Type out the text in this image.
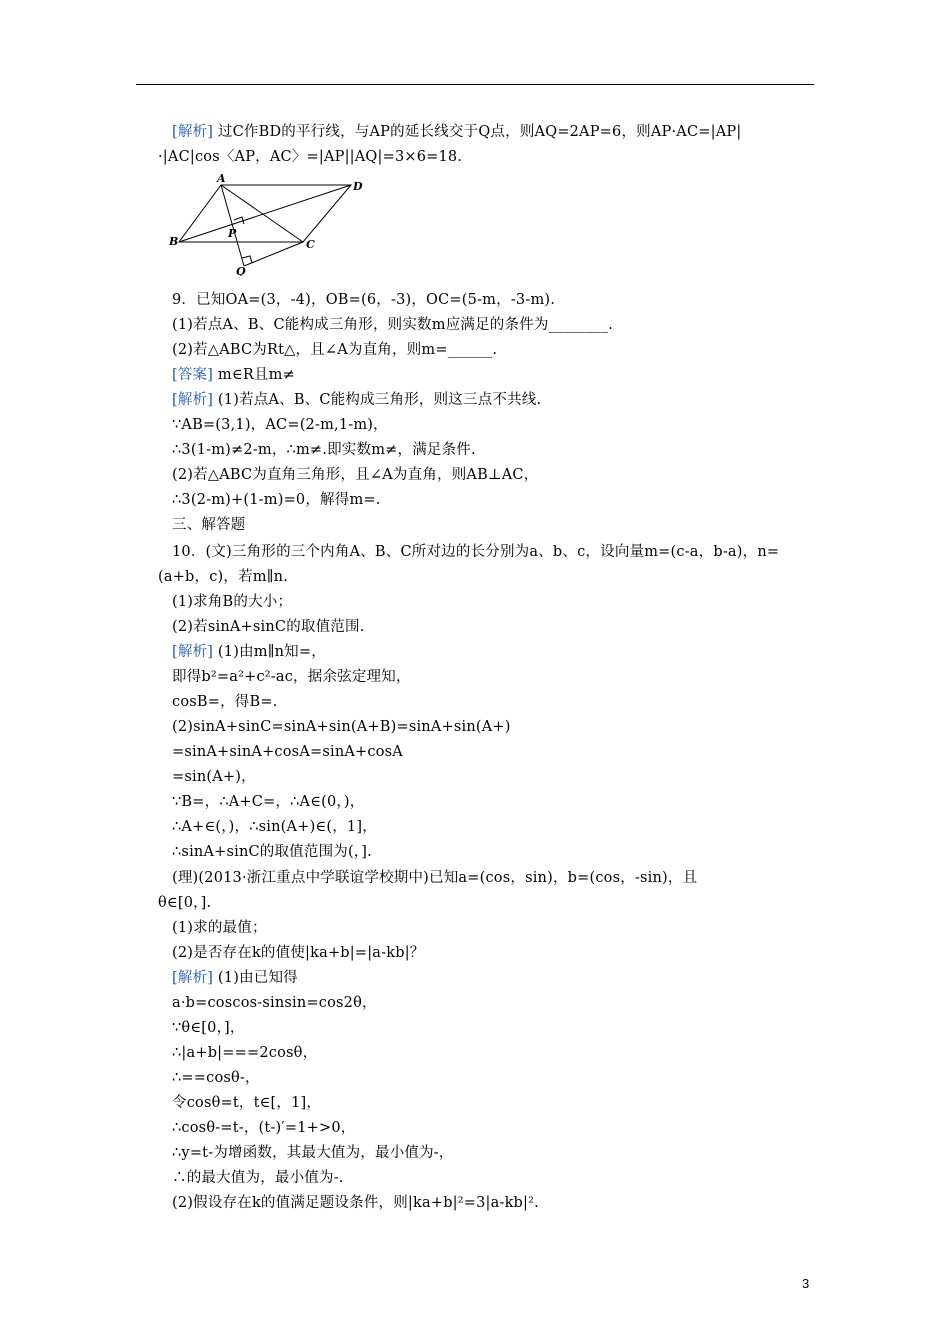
[解析] 过C作BD的平行线，与AP的延长线交于Q点，则AQ=2AP=6，则AP·AC=|AP|
·|AC|cos〈AP，AC〉=|AP||AQ|=3×6=18.
A
D
B
P
C
Q
9．已知OA=(3，-4)，OB=(6，-3)，OC=(5-m，-3-m).
(1)若点A、B、C能构成三角形，则实数m应满足的条件为________.
(2)若△ABC为Rt△，且∠A为直角，则m=______.
[答案] m∈R且m≠
[解析] (1)若点A、B、C能构成三角形，则这三点不共线.
∵AB=(3,1)，AC=(2-m,1-m)，
∴3(1-m)≠2-m，∴m≠.即实数m≠，满足条件.
(2)若△ABC为直角三角形，且∠A为直角，则AB⊥AC，
∴3(2-m)+(1-m)=0，解得m=.
三、解答题
10．(文)三角形的三个内角A、B、C所对边的长分别为a、b、c，设向量m=(c-a，b-a)，n=
(a+b，c)，若m∥n.
(1)求角B的大小；
(2)若sinA+sinC的取值范围.
[解析] (1)由m∥n知=，
即得b²=a²+c²-ac，据余弦定理知，
cosB=，得B=.
(2)sinA+sinC=sinA+sin(A+B)=sinA+sin(A+)
=sinA+sinA+cosA=sinA+cosA
=sin(A+)，
∵B=，∴A+C=，∴A∈(0，)，
∴A+∈(，)，∴sin(A+)∈(，1]，
∴sinA+sinC的取值范围为(，].
(理)(2013·浙江重点中学联谊学校期中)已知a=(cos，sin)，b=(cos，-sin)，且
θ∈[0，].
(1)求的最值；
(2)是否存在k的值使|ka+b|=|a-kb|？
[解析] (1)由已知得
a·b=coscos-sinsin=cos2θ，
∵θ∈[0，]，
∴|a+b|===2cosθ，
∴==cosθ-，
令cosθ=t，t∈[，1]，
∴cosθ-=t-，(t-)′=1+>0，
∴y=t-为增函数，其最大值为，最小值为-，
∴的最大值为，最小值为-.
(2)假设存在k的值满足题设条件，则|ka+b|²=3|a-kb|².
3
